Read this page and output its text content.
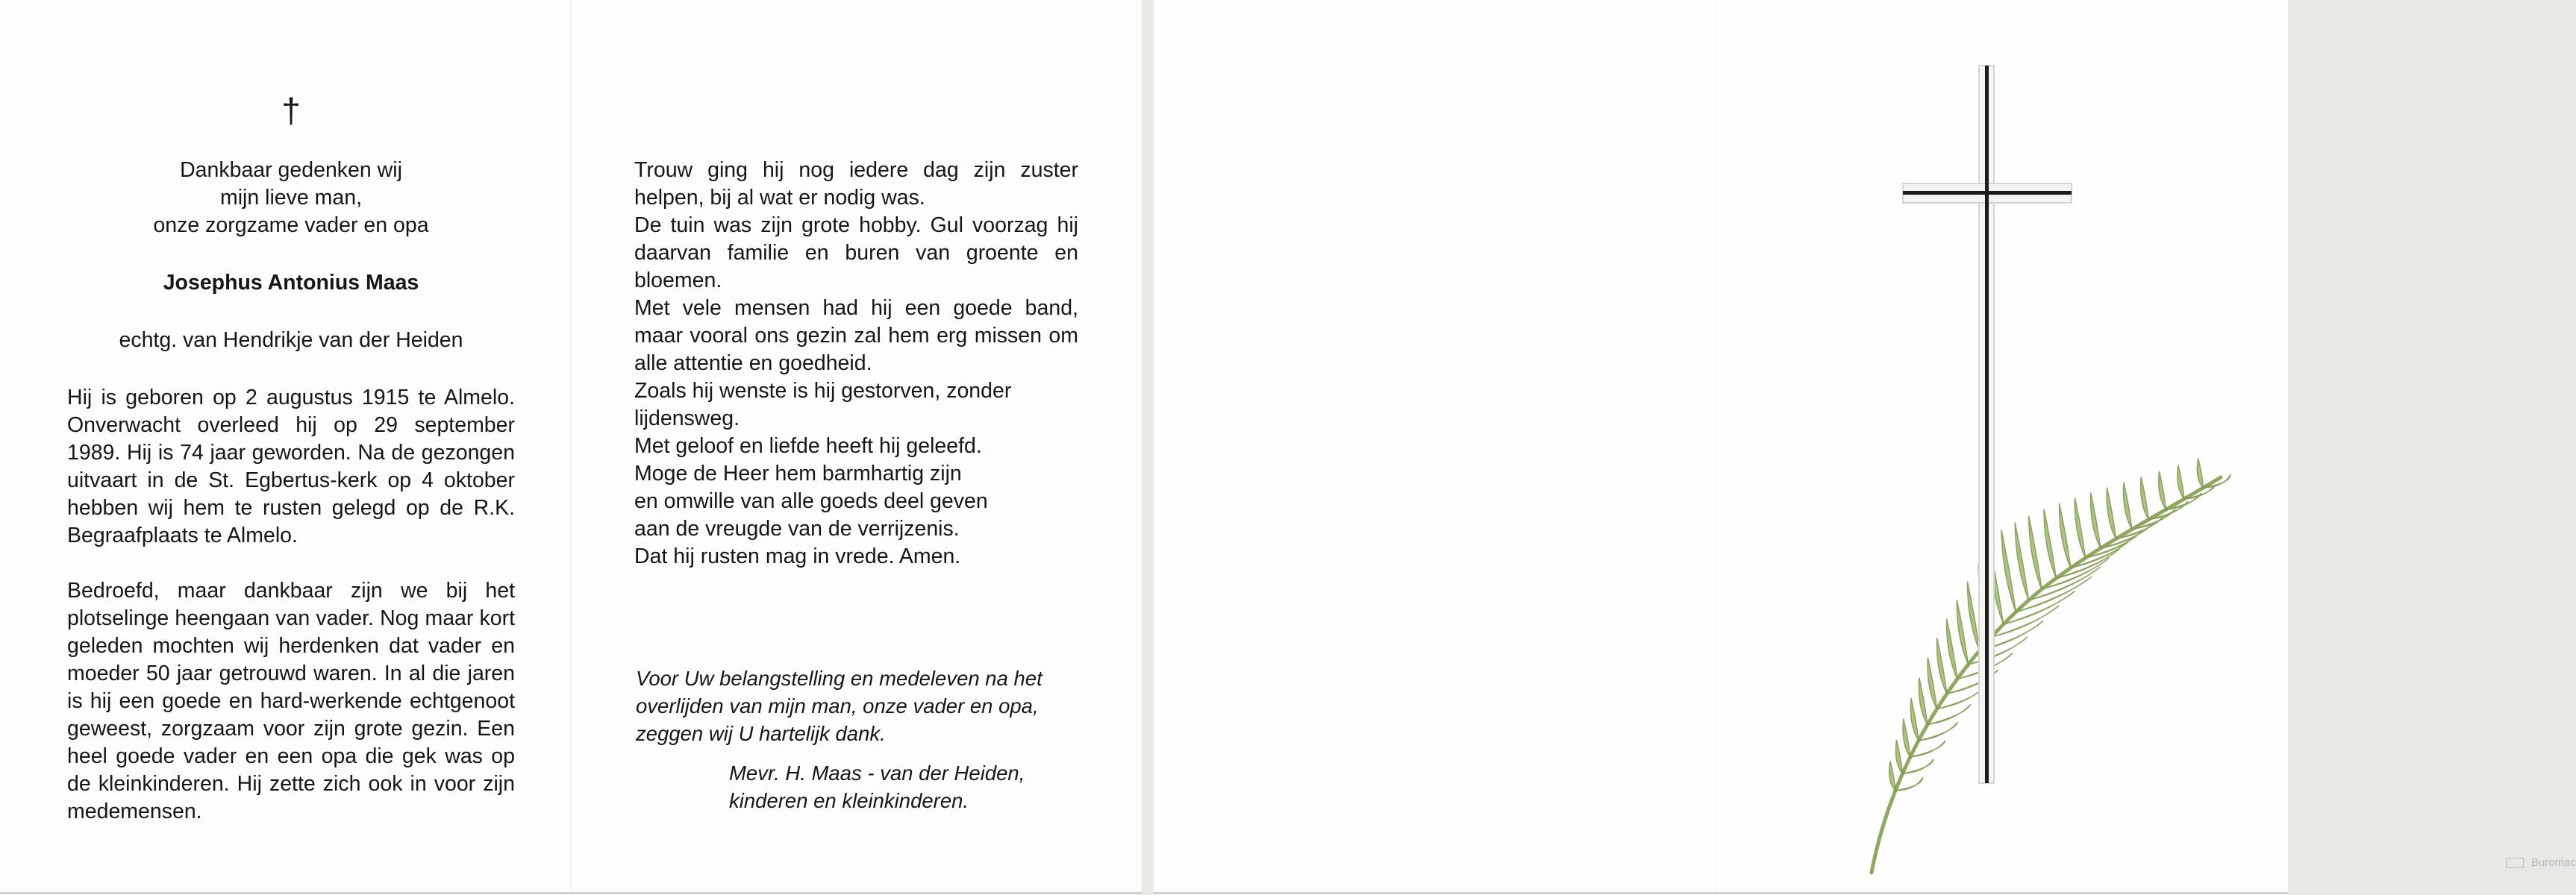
†

Dankbaar gedenken wij

mijn lieve man,

onze zorgzame vader en opa

Josephus Antonius Maas

echtg. van Hendrikje van der Heiden

Hij is geboren op 2 augustus 1915 te Almelo. Onverwacht overleed hij op 29 september 1989. Hij is 74 jaar geworden. Na de gezongen uitvaart in de St. Egbertus-kerk op 4 oktober hebben wij hem te rusten gelegd op de R.K. Begraafplaats te Almelo.

Bedroefd, maar dankbaar zijn we bij het plotselinge heengaan van vader. Nog maar kort geleden mochten wij herdenken dat vader en moeder 50 jaar getrouwd waren. In al die jaren is hij een goede en hard-werkende echtgenoot geweest, zorgzaam voor zijn grote gezin. Een heel goede vader en een opa die gek was op de kleinkinderen. Hij zette zich ook in voor zijn medemensen.

Trouw ging hij nog iedere dag zijn zuster helpen, bij al wat er nodig was.

De tuin was zijn grote hobby. Gul voorzag hij daarvan familie en buren van groente en bloemen.

Met vele mensen had hij een goede band, maar vooral ons gezin zal hem erg missen om alle attentie en goedheid.

Zoals hij wenste is hij gestorven, zonder lijdensweg.

Met geloof en liefde heeft hij geleefd.

Moge de Heer hem barmhartig zijn

en omwille van alle goeds deel geven

aan de vreugde van de verrijzenis.

Dat hij rusten mag in vrede. Amen.

Voor Uw belangstelling en medeleven na het overlijden van mijn man, onze vader en opa, zeggen wij U hartelijk dank.

Mevr. H. Maas - van der Heiden,

kinderen en kleinkinderen.

Buromac
